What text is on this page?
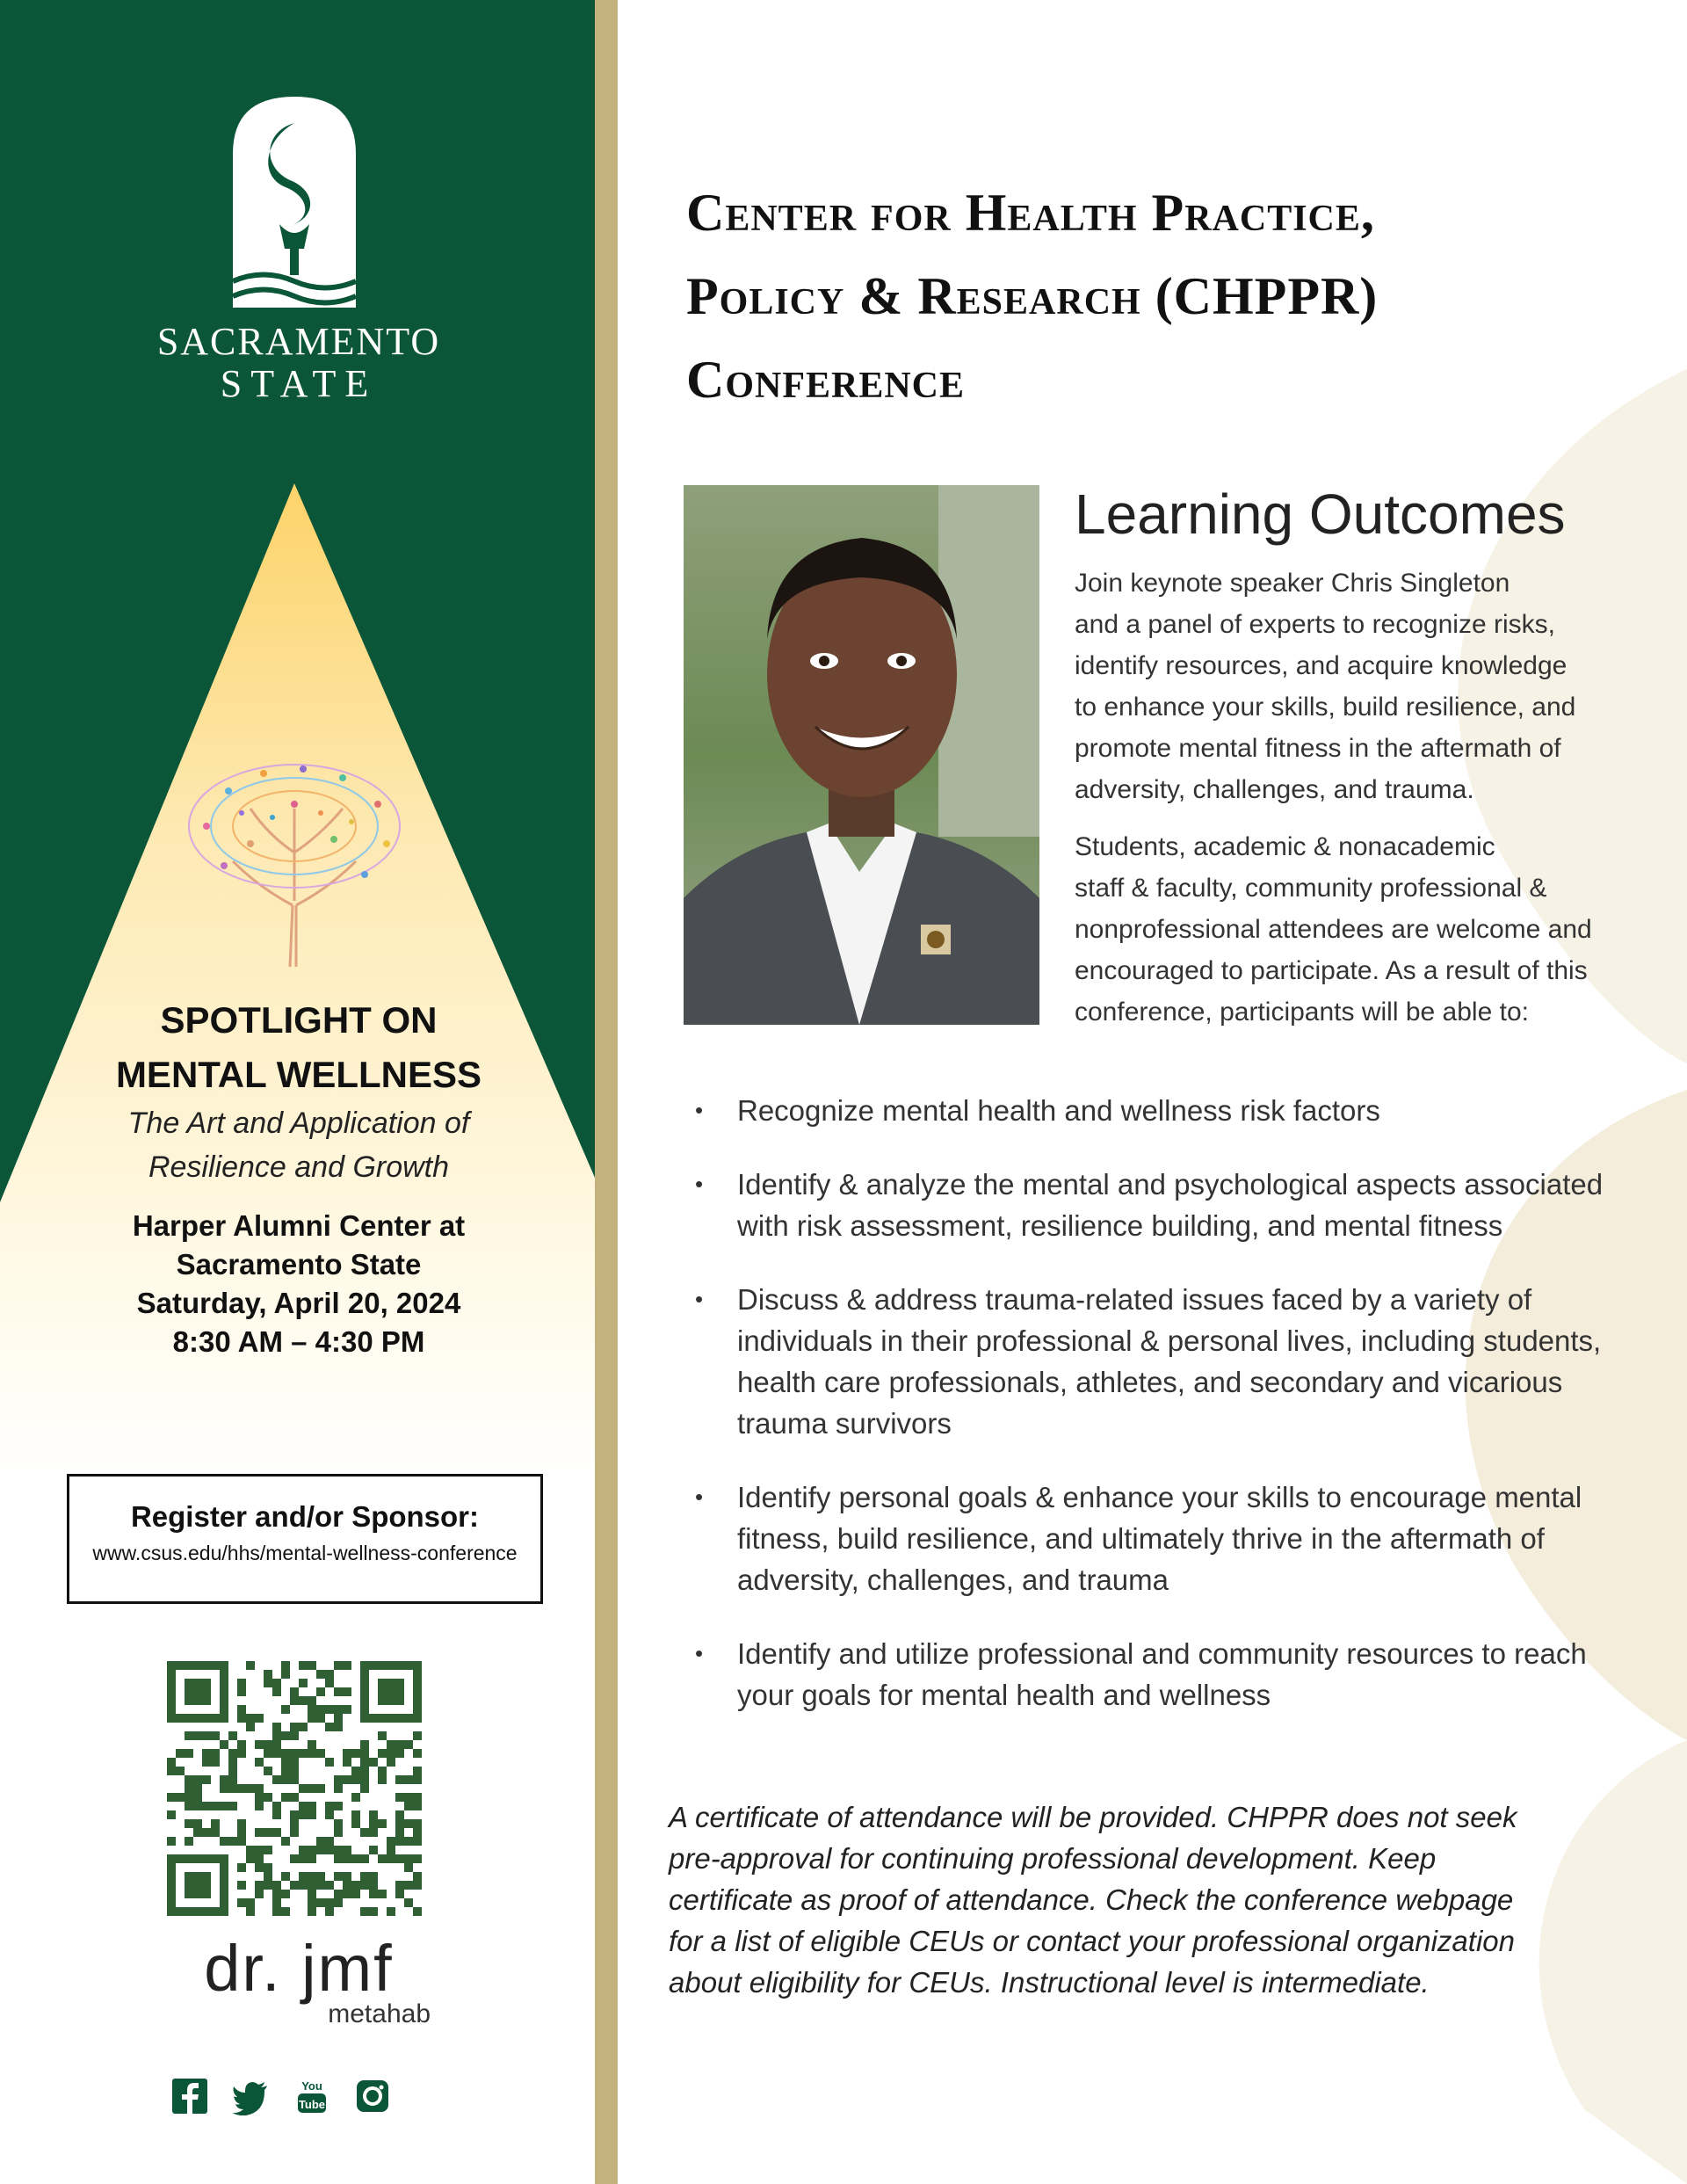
SACRAMENTO
STATE
SPOTLIGHT ON
MENTAL WELLNESS
The Art and Application of
Resilience and Growth
Harper Alumni Center at
Sacramento State
Saturday, April 20, 2024
8:30 AM – 4:30 PM
Register and/or Sponsor:
www.csus.edu/hhs/mental-wellness-conference
dr. jmf
metahab
You
Tube
Center for Health Practice,
Policy & Research (CHPPR)
Conference
Learning Outcomes
Join keynote speaker Chris Singleton
and a panel of experts to recognize risks,
identify resources, and acquire knowledge
to enhance your skills, build resilience, and
promote mental fitness in the aftermath of
adversity, challenges, and trauma.
Students, academic & nonacademic
staff & faculty, community professional &
nonprofessional attendees are welcome and
encouraged to participate. As a result of this
conference, participants will be able to:
• Recognize mental health and wellness risk factors
• Identify & analyze the mental and psychological aspects associated
with risk assessment, resilience building, and mental fitness
• Discuss & address trauma-related issues faced by a variety of
individuals in their professional & personal lives, including students,
health care professionals, athletes, and secondary and vicarious
trauma survivors
• Identify personal goals & enhance your skills to encourage mental
fitness, build resilience, and ultimately thrive in the aftermath of
adversity, challenges, and trauma
• Identify and utilize professional and community resources to reach
your goals for mental health and wellness
A certificate of attendance will be provided. CHPPR does not seek
pre-approval for continuing professional development. Keep
certificate as proof of attendance. Check the conference webpage
for a list of eligible CEUs or contact your professional organization
about eligibility for CEUs. Instructional level is intermediate.
